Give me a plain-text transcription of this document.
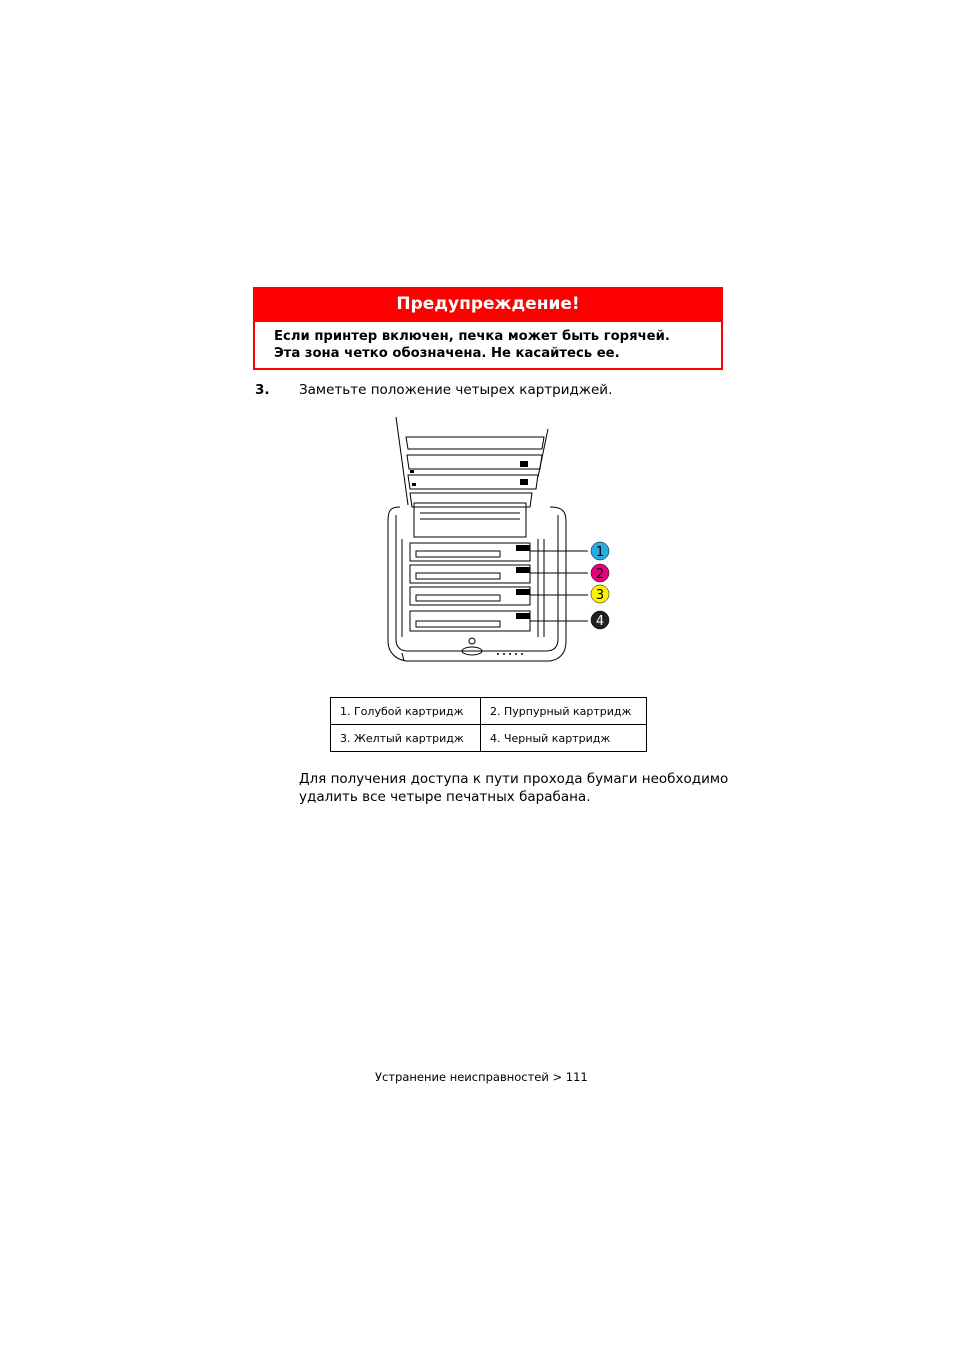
Предупреждение!
Если принтер включен, печка может быть горячей.
Эта зона четко обозначена. Не касайтесь ее.
3. Заметьте положение четырех картриджей.
1
2
3
4
1. Голубой картридж	2. Пурпурный картридж
3. Желтый картридж	4. Черный картридж
Для получения доступа к пути прохода бумаги необходимо
удалить все четыре печатных барабана.
Устранение неисправностей > 111
